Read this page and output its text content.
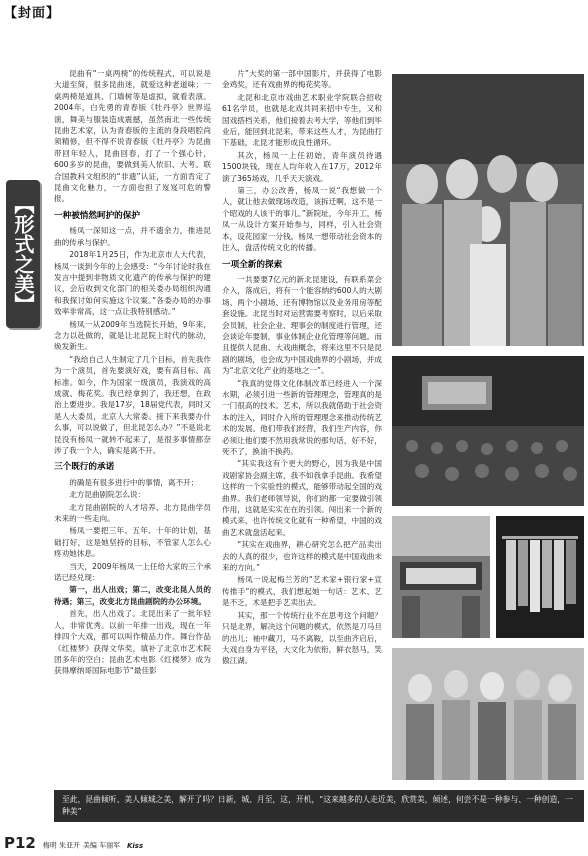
【封面】
【形式之美】

昆曲有“一桌两椅”的传统程式，可以说是大道至简，很多昆曲迷，就爱这种老道味；一桌两椅是道具、门墙树等是虚拟，就看表演。2004年，白先勇的青春版《牡丹亭》世界巡演，舞美与服装造成震撼，虽然南北一些传统昆曲艺术家，认为青春版的主流的身段唱腔尚须精修，但不得不说青春版《牡丹亭》为昆曲带回年轻人，昆曲回春，打了一个强心针，600多岁的昆曲，要做到美人依旧、大考。联合国教科文组织的“非遗”认证，一方面肯定了昆曲文化魅力，一方面也担了岌岌可危的警报。

一种被悄然呵护的保护

杨凤一深知这一点，并不遗余力，推进昆曲的传承与保护。

2018年1月25日，作为北京市人大代表，杨凤一谈到今年的上会感受：“今年讨论时我在发言中提到非物质文化遗产的传承与保护的建议，会后收到文化部门的相关委办局组织沟通和我探讨如何实施这个议案。”各委办局的办事效率非常高，这一点让我特别感动。”

杨凤一从2009年当选院长开始，9年来，念力以赴做的，就是让北昆院上时代的脉动，焕发新生。

“我给自己人生制定了几个目标，首先我作为一个演员，首先要演好戏，要有高目标、高标准。如今，作为国家一级演员，我演戏的高成就、梅花奖。我已经拿到了，我还想，在政治上要进步。我是17岁，18届党代表，同时又是人大委员，北京人大常委。接下来我要办什么事，可以说做了，但北昆怎么办？”不是说北昆没有杨凤一就转不起来了，是很多事情都奈涉了我一个人，确实是离不开。

三个既行的承诺

的确是有很多进行中的事情，离不开；

北方昆曲剧院怎么说：

北方昆曲剧院的人才培养、北方昆曲学员未来的一些走向。

杨凤一要把三年、五年、十年的计划，基础打好，这是她坚持的目标，不管家人怎么心疼劝她休息。

当天，2009年杨凤一上任给大家的三个承诺已经兑现：

第一，出人出戏；第二，改变北昆人员的待遇；第三，改变北方昆曲剧院的办公环境。

首先，出人出戏了。北昆出来了一批年轻人，非常优秀。以前一年排一出戏，现在一年排四个大戏，都可以叫作精品力作。舞台作品《红楼梦》获得文华奖，填补了北京市艺术院团多年的空白；昆曲艺术电影《红楼梦》成为获得摩纳哥国际电影节“最佳影

片”大奖的第一部中国影片，并获得了电影金鸡奖，还有戏曲界的梅花奖等。

北昆和北京市戏曲艺术职业学院联合招收61名学员，也就是北戏共同来招中专生，又和国戏搭档关系，他们接着去考大学，等他们到毕业后，能回到北昆来，带来这些人才，为昆曲打下基础，北昆才能形成良性循环。

其次，杨凤一上任初始，青年演员待遇1500块钱，现在人均年收入在17万，2012年演了365场戏，几乎天天演戏。

第三，办公改善，杨凤一说“我想做一个人，就让他去做现场改造，该拆迁啊，这不是一个昭戏的人该干的事儿。”新院址，今年开工，杨凤一从设计方案开始参与，同样，引入社会资本，设花园家一分钱。杨凤一想带动社会资本的注入，盘活传统文化的传播。

一项全新的探索

一共要要7亿元的新北昆建设，有联系菜会介入，落成后，将有一个能容纳约600人的大剧场、两个小剧场、还有博物馆以及业务用房等配套设施。北昆当时对运营需要考察时，以后采取会员制，社会企业、理事会的制度进行管理，还会谈论年要制，事业体制企业化管理等问题。而且提供人昆曲、大戏曲概念，将来这里不只是昆剧的剧场，也会成为中国戏曲界的小剧场，并成为“北京文化产业的基地之一”。

“我真的觉得文化体制改革已经进入一个深水期，必须引进一些新的管理理念，管理真的是一门很高的技术。艺术，所以我就借助于社会资本的注入，同时介入所的管理理念来推动传统艺术的发展。他们带我们经营，我们生产内容，你必须让他们要不然用我常说的那句话，好不好，死不了，换油不换药。

“其实我这有个更大的野心，因为我是中国戏剧家协会副主席，我不如我拿手昆曲。我希望这样的一个实验性的模式，能够带动起全国的戏曲界。我们老师领导说，你们的都一定要做引领作用，这就是实实在在的引领。闯出来一个新的模式来，也许传统文化就有一种希望，中国的戏曲艺术就盘活起来。

“其实在戏曲界，耕心研究怎么把产品卖出去的人真的很少，也许这样的模式是中国戏曲未来的方向。”

杨凤一说起梅兰芳的“艺术家+银行家+宣传推手”的模式，我们想起她一句话：艺术、艺是不乏，术是把手艺卖出去。

其实，那一个传统行业不在思考这个问题？只是北界，解决这个问题的模式，依然是刀马旦的出儿；袖中藏刀，马不离鞍，以至曲齐启后，大戏自身为平径，大文化为依衔，鲜衣怒马，笑傲江湖。

至此，昆曲倾听、美人倾城之美，解开了吗？日新，城、月至，这，开机，“这来越多的人走近美，欣赏美，倾述，何尝不是一种参与、一种创造，一种美”
P12 梅明 朱亚开 美编 车丽军 Kiss
